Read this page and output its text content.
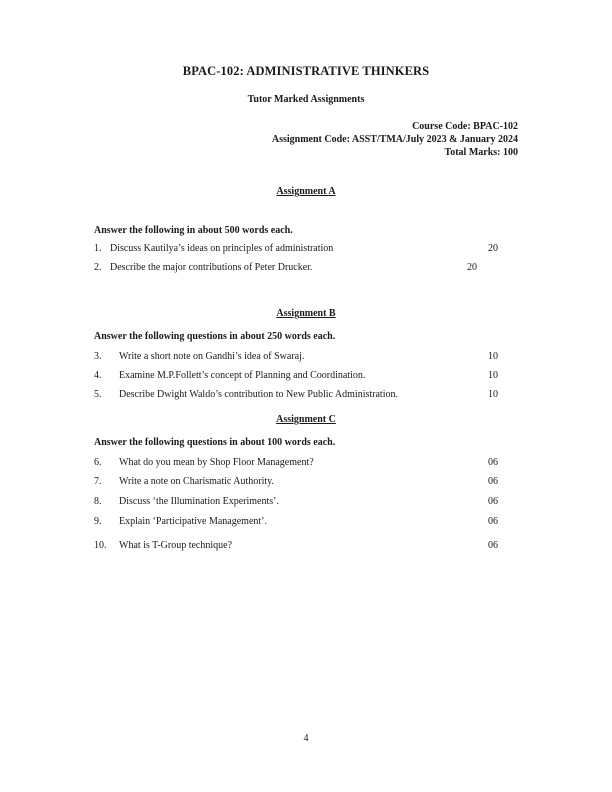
BPAC-102: ADMINISTRATIVE THINKERS
Tutor Marked Assignments
Course Code: BPAC-102
Assignment Code: ASST/TMA/July 2023 & January 2024
Total Marks: 100
Assignment A
Answer the following in about 500 words each.
1. Discuss Kautilya’s ideas on principles of administration	20
2. Describe the major contributions of Peter Drucker.	20
Assignment B
Answer the following questions in about 250 words each.
3. Write a short note on Gandhi’s idea of Swaraj.	10
4. Examine M.P.Follett’s concept of Planning and Coordination.	10
5. Describe Dwight Waldo’s contribution to New Public Administration.	10
Assignment C
Answer the following questions in about 100 words each.
6. What do you mean by Shop Floor Management?	06
7. Write a note on Charismatic Authority.	06
8. Discuss ‘the Illumination Experiments’.	06
9. Explain ‘Participative Management’.	06
10. What is T-Group technique?	06
4
